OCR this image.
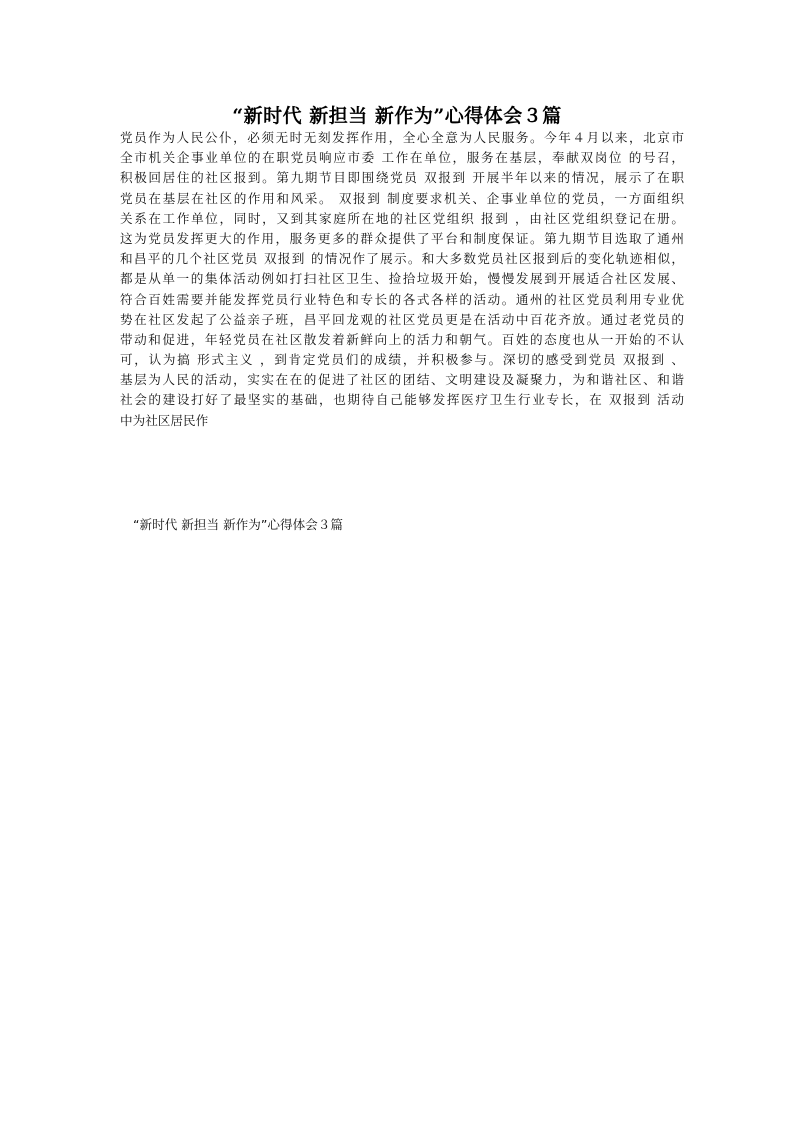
“新时代 新担当 新作为”心得体会３篇
党员作为人民公仆，必须无时无刻发挥作用，全心全意为人民服务。今年４月以来，北京市
全市机关企事业单位的在职党员响应市委 工作在单位，服务在基层，奉献双岗位 的号召，
积极回居住的社区报到。第九期节目即围绕党员 双报到 开展半年以来的情况，展示了在职
党员在基层在社区的作用和风采。 双报到 制度要求机关、企事业单位的党员，一方面组织
关系在工作单位，同时，又到其家庭所在地的社区党组织 报到 ，由社区党组织登记在册。
这为党员发挥更大的作用，服务更多的群众提供了平台和制度保证。第九期节目选取了通州
和昌平的几个社区党员 双报到 的情况作了展示。和大多数党员社区报到后的变化轨迹相似，
都是从单一的集体活动例如打扫社区卫生、捡拾垃圾开始，慢慢发展到开展适合社区发展、
符合百姓需要并能发挥党员行业特色和专长的各式各样的活动。通州的社区党员利用专业优
势在社区发起了公益亲子班，昌平回龙观的社区党员更是在活动中百花齐放。通过老党员的
带动和促进，年轻党员在社区散发着新鲜向上的活力和朝气。百姓的态度也从一开始的不认
可，认为搞 形式主义 ，到肯定党员们的成绩，并积极参与。深切的感受到党员 双报到 、
基层为人民的活动，实实在在的促进了社区的团结、文明建设及凝聚力，为和谐社区、和谐
社会的建设打好了最坚实的基础，也期待自己能够发挥医疗卫生行业专长，在 双报到 活动
中为社区居民作
“新时代 新担当 新作为”心得体会３篇
